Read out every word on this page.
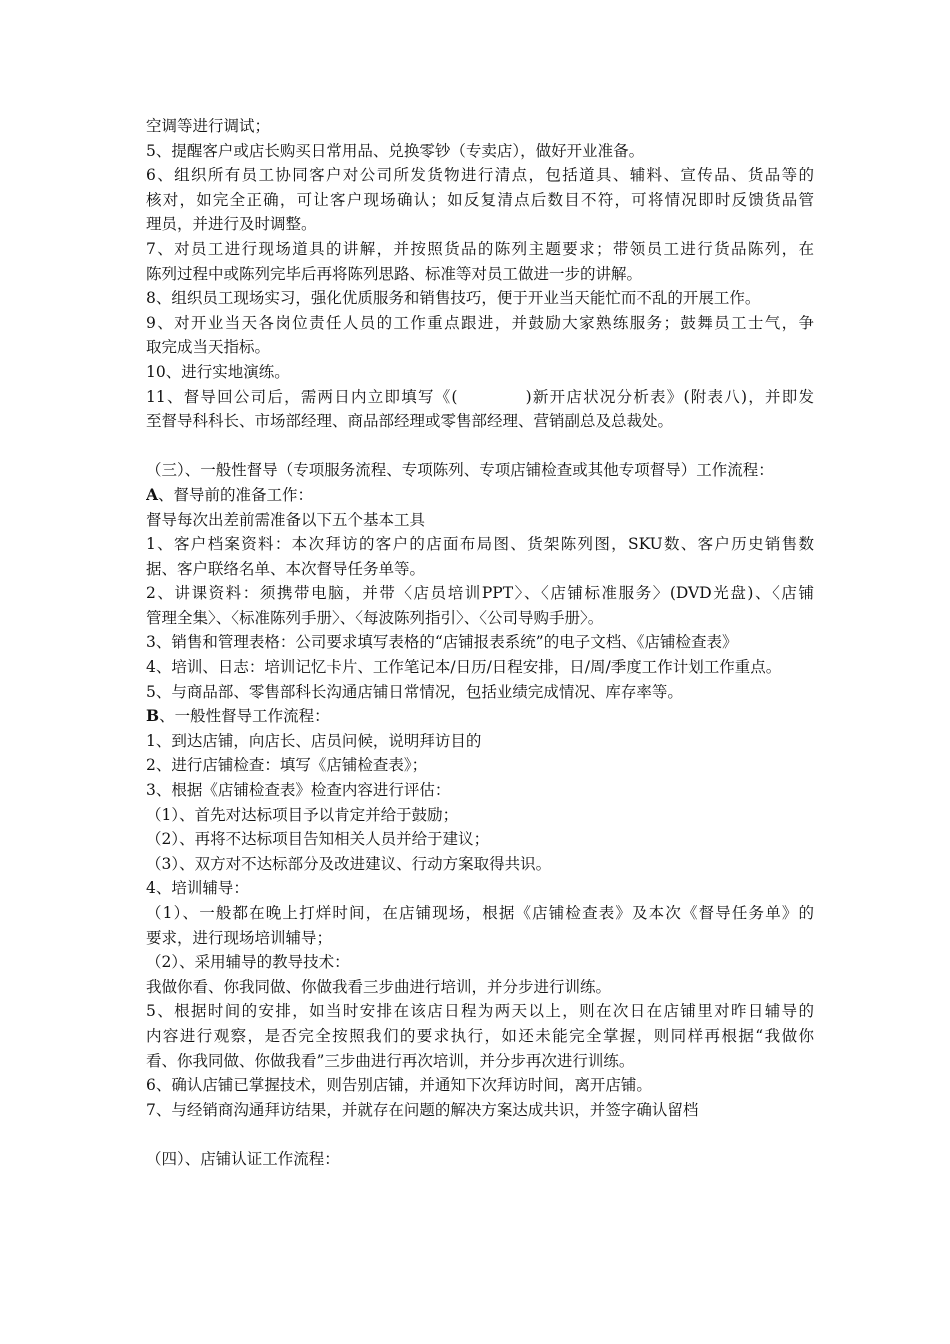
空调等进行调试；
5、提醒客户或店长购买日常用品、兑换零钞（专卖店），做好开业准备。
6、组织所有员工协同客户对公司所发货物进行清点，包括道具、辅料、宣传品、货品等的
核对，如完全正确，可让客户现场确认；如反复清点后数目不符，可将情况即时反馈货品管
理员，并进行及时调整。
7、对员工进行现场道具的讲解，并按照货品的陈列主题要求；带领员工进行货品陈列，在
陈列过程中或陈列完毕后再将陈列思路、标准等对员工做进一步的讲解。
8、组织员工现场实习，强化优质服务和销售技巧，便于开业当天能忙而不乱的开展工作。
9、对开业当天各岗位责任人员的工作重点跟进，并鼓励大家熟练服务；鼓舞员工士气，争
取完成当天指标。
10、进行实地演练。
11、督导回公司后，需两日内立即填写《(　　　　)新开店状况分析表》(附表八)，并即发
至督导科科长、市场部经理、商品部经理或零售部经理、营销副总及总裁处。
（三）、一般性督导（专项服务流程、专项陈列、专项店铺检查或其他专项督导）工作流程：
A、督导前的准备工作：
督导每次出差前需准备以下五个基本工具
1、客户档案资料：本次拜访的客户的店面布局图、货架陈列图，SKU数、客户历史销售数
据、客户联络名单、本次督导任务单等。
2、讲课资料：须携带电脑，并带〈店员培训PPT〉、〈店铺标准服务〉(DVD光盘)、〈店铺
管理全集〉、〈标准陈列手册〉、〈每波陈列指引〉、〈公司导购手册〉。
3、销售和管理表格：公司要求填写表格的“店铺报表系统”的电子文档、《店铺检查表》
4、培训、日志：培训记忆卡片、工作笔记本/日历/日程安排，日/周/季度工作计划工作重点。
5、与商品部、零售部科长沟通店铺日常情况，包括业绩完成情况、库存率等。
B、一般性督导工作流程：
1、到达店铺，向店长、店员问候，说明拜访目的
2、进行店铺检查：填写《店铺检查表》；
3、根据《店铺检查表》检查内容进行评估：
（1）、首先对达标项目予以肯定并给于鼓励；
（2）、再将不达标项目告知相关人员并给于建议；
（3）、双方对不达标部分及改进建议、行动方案取得共识。
4、培训辅导：
（1）、一般都在晚上打烊时间，在店铺现场，根据《店铺检查表》及本次《督导任务单》的
要求，进行现场培训辅导；
（2）、采用辅导的教导技术：
我做你看、你我同做、你做我看三步曲进行培训，并分步进行训练。
5、根据时间的安排，如当时安排在该店日程为两天以上，则在次日在店铺里对昨日辅导的
内容进行观察，是否完全按照我们的要求执行，如还未能完全掌握，则同样再根据“我做你
看、你我同做、你做我看”三步曲进行再次培训，并分步再次进行训练。
6、确认店铺已掌握技术，则告别店铺，并通知下次拜访时间，离开店铺。
7、与经销商沟通拜访结果，并就存在问题的解决方案达成共识，并签字确认留档
（四）、店铺认证工作流程：
